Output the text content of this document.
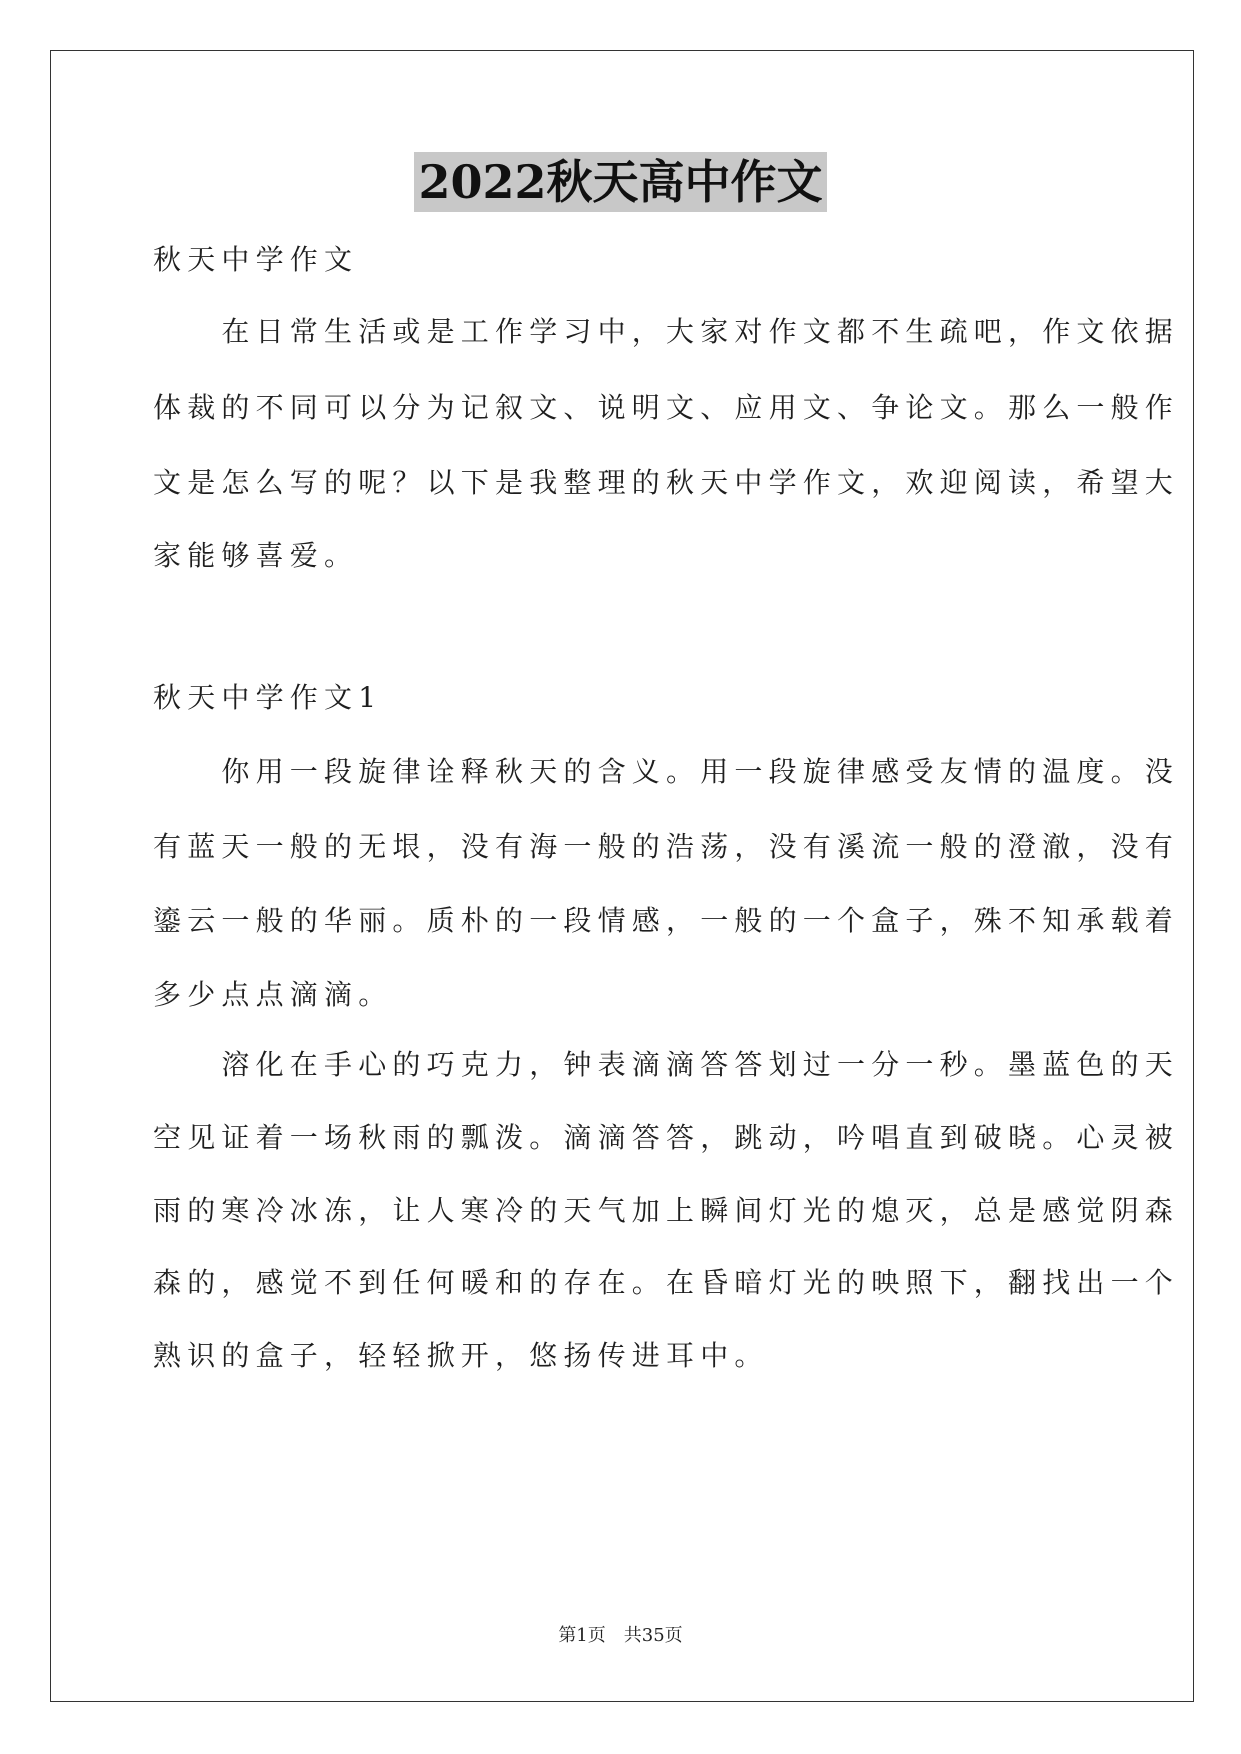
2022秋天高中作文
秋天中学作文
　　在日常生活或是工作学习中，大家对作文都不生疏吧，作文依据
体裁的不同可以分为记叙文、说明文、应用文、争论文。那么一般作
文是怎么写的呢？以下是我整理的秋天中学作文，欢迎阅读，希望大
家能够喜爱。
秋天中学作文1
　　你用一段旋律诠释秋天的含义。用一段旋律感受友情的温度。没
有蓝天一般的无垠，没有海一般的浩荡，没有溪流一般的澄澈，没有
鎏云一般的华丽。质朴的一段情感，一般的一个盒子，殊不知承载着
多少点点滴滴。
　　溶化在手心的巧克力，钟表滴滴答答划过一分一秒。墨蓝色的天
空见证着一场秋雨的瓢泼。滴滴答答，跳动，吟唱直到破晓。心灵被
雨的寒冷冰冻，让人寒冷的天气加上瞬间灯光的熄灭，总是感觉阴森
森的，感觉不到任何暖和的存在。在昏暗灯光的映照下，翻找出一个
熟识的盒子，轻轻掀开，悠扬传进耳中。
第1页　共35页
